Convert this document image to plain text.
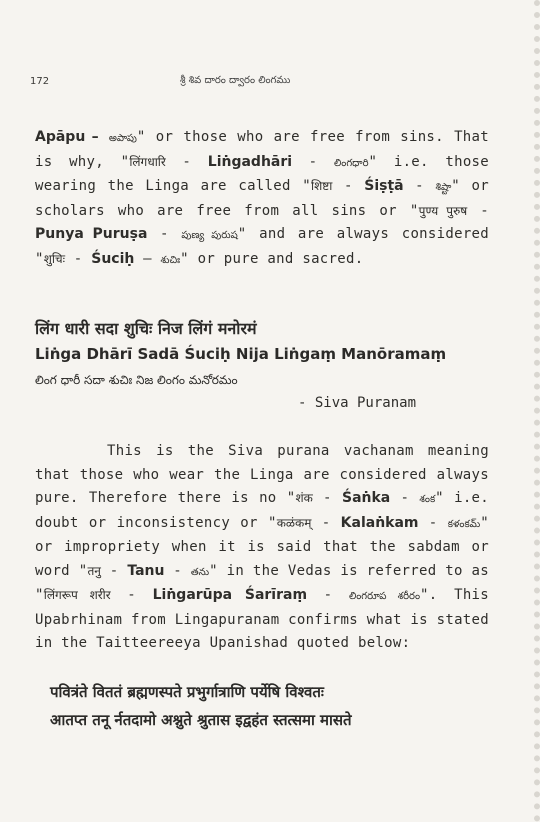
172	శ్రీ శివ దారం ద్వారం లింగము

Apāpu – అపాపు" or those who are free from sins. That is why, "लिंगधारि - Liṅgadhāri - లింగధారి" i.e. those wearing the Linga are called "शिष्टा - Śiṣṭā - శిష్టా" or scholars who are free from all sins or "पुण्य पुरुष - Punya Puruṣa - పుణ్య పురుష" and are always considered "शुचिः - Śuciḥ – శుచిః" or pure and sacred.

लिंग धारी सदा शुचिः निज लिंगं मनोरमं

Liṅga Dhārī Sadā Śuciḥ Nija Liṅgaṃ Manōramaṃ

లింగ ధారీ సదా శుచిః నిజ లింగం మనోరమం

- Siva Puranam

This is the Siva purana vachanam meaning that those who wear the Linga are considered always pure. Therefore there is no "शंक - Śaṅka - శంక" i.e. doubt or inconsistency or "कळंकम् - Kalaṅkam - కళంకమ్" or impropriety when it is said that the sabdam or word "तनु - Tanu - తను" in the Vedas is referred to as "लिंगरूप शरीर - Liṅgarūpa Śarīraṃ - లింగరూప శరీరం". This Upabrhinam from Lingapuranam confirms what is stated in the Taitteereeya Upanishad quoted below:

पवित्रंते विततं ब्रह्मणस्पते प्रभुर्गात्राणि पर्येषि विश्वतः

आतप्त तनू र्नतदामो अश्नुते श्रुतास इद्वहंत स्तत्समा मासते
